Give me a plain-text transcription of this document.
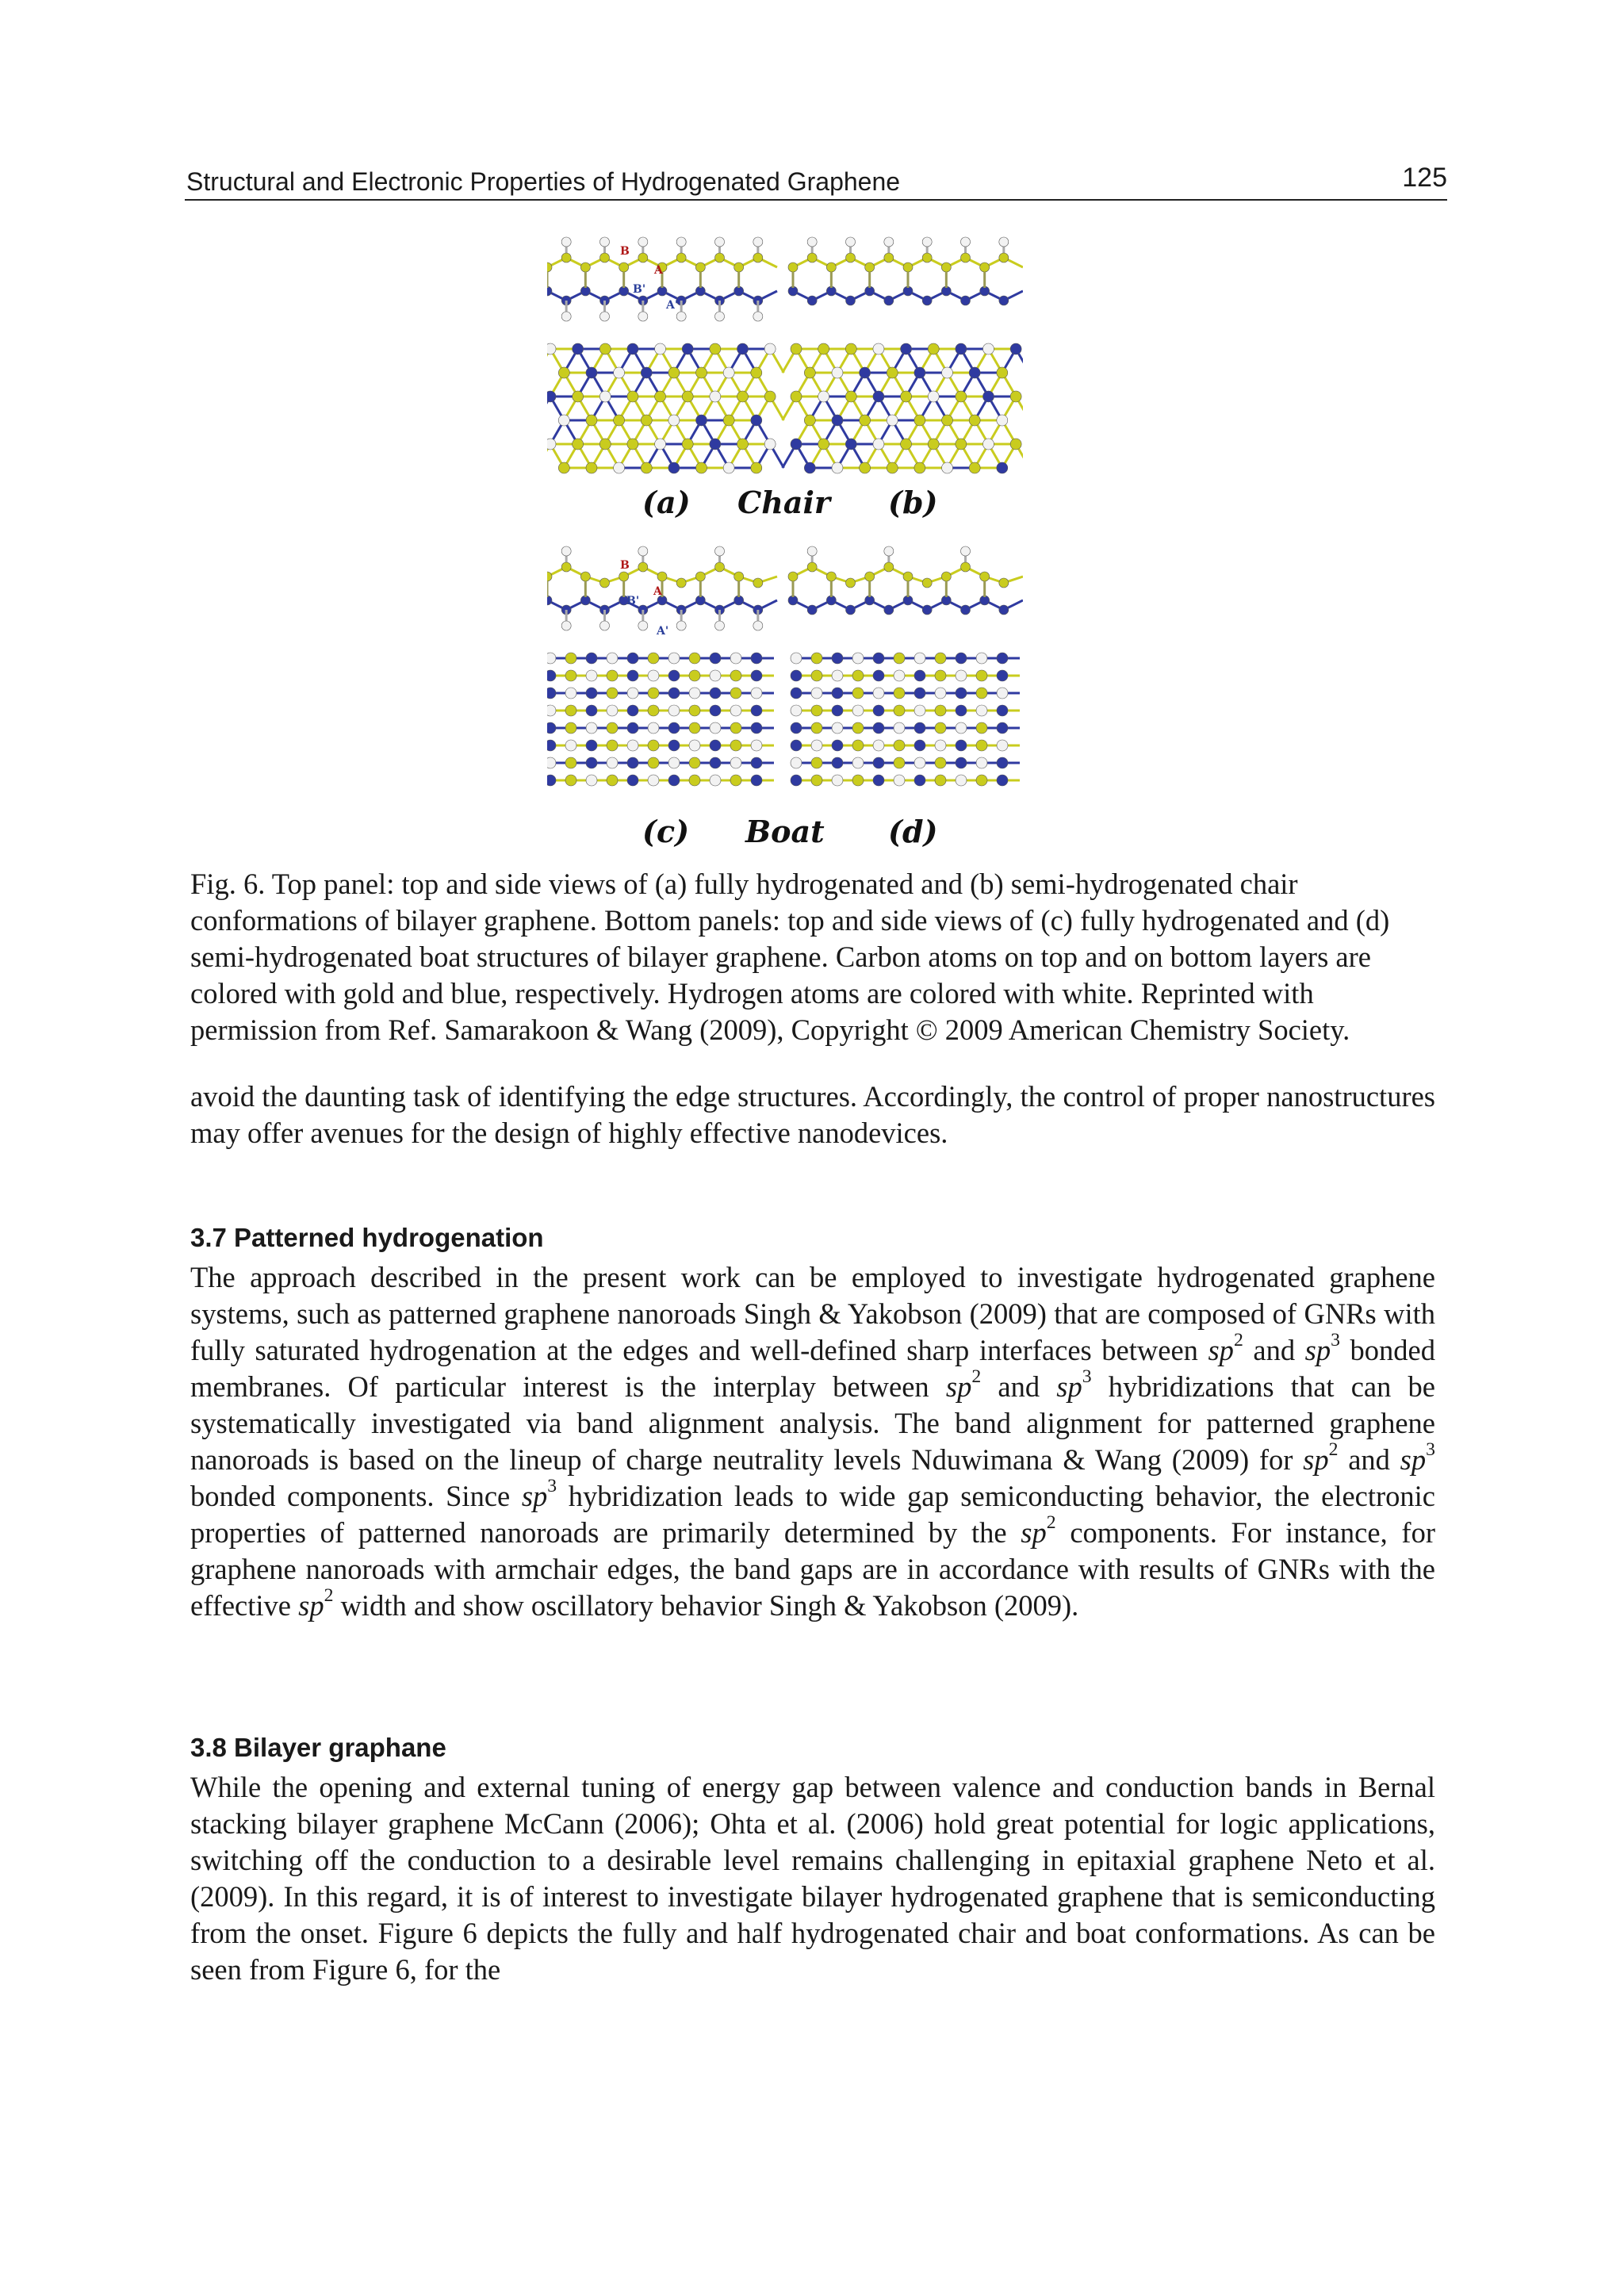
Structural and Electronic Properties of Hydrogenated Graphene	125
B
A
B'
A'
B
A
B'
A'
(a) Chair (b)
(c) Boat (d)

Fig. 6. Top panel: top and side views of (a) fully hydrogenated and (b) semi-hydrogenated chair conformations of bilayer graphene. Bottom panels: top and side views of (c) fully hydrogenated and (d) semi-hydrogenated boat structures of bilayer graphene. Carbon atoms on top and on bottom layers are colored with gold and blue, respectively. Hydrogen atoms are colored with white. Reprinted with permission from Ref. Samarakoon & Wang (2009), Copyright © 2009 American Chemistry Society.

avoid the daunting task of identifying the edge structures. Accordingly, the control of proper nanostructures may offer avenues for the design of highly effective nanodevices.

3.7 Patterned hydrogenation

The approach described in the present work can be employed to investigate hydrogenated graphene systems, such as patterned graphene nanoroads Singh & Yakobson (2009) that are composed of GNRs with fully saturated hydrogenation at the edges and well-defined sharp interfaces between $sp^2$ and $sp^3$ bonded membranes. Of particular interest is the interplay between $sp^2$ and $sp^3$ hybridizations that can be systematically investigated via band alignment analysis. The band alignment for patterned graphene nanoroads is based on the lineup of charge neutrality levels Nduwimana & Wang (2009) for $sp^2$ and $sp^3$ bonded components. Since $sp^3$ hybridization leads to wide gap semiconducting behavior, the electronic properties of patterned nanoroads are primarily determined by the $sp^2$ components. For instance, for graphene nanoroads with armchair edges, the band gaps are in accordance with results of GNRs with the effective $sp^2$ width and show oscillatory behavior Singh & Yakobson (2009).

3.8 Bilayer graphane

While the opening and external tuning of energy gap between valence and conduction bands in Bernal stacking bilayer graphene McCann (2006); Ohta et al. (2006) hold great potential for logic applications, switching off the conduction to a desirable level remains challenging in epitaxial graphene Neto et al. (2009). In this regard, it is of interest to investigate bilayer hydrogenated graphene that is semiconducting from the onset. Figure 6 depicts the fully and half hydrogenated chair and boat conformations. As can be seen from Figure 6, for the
